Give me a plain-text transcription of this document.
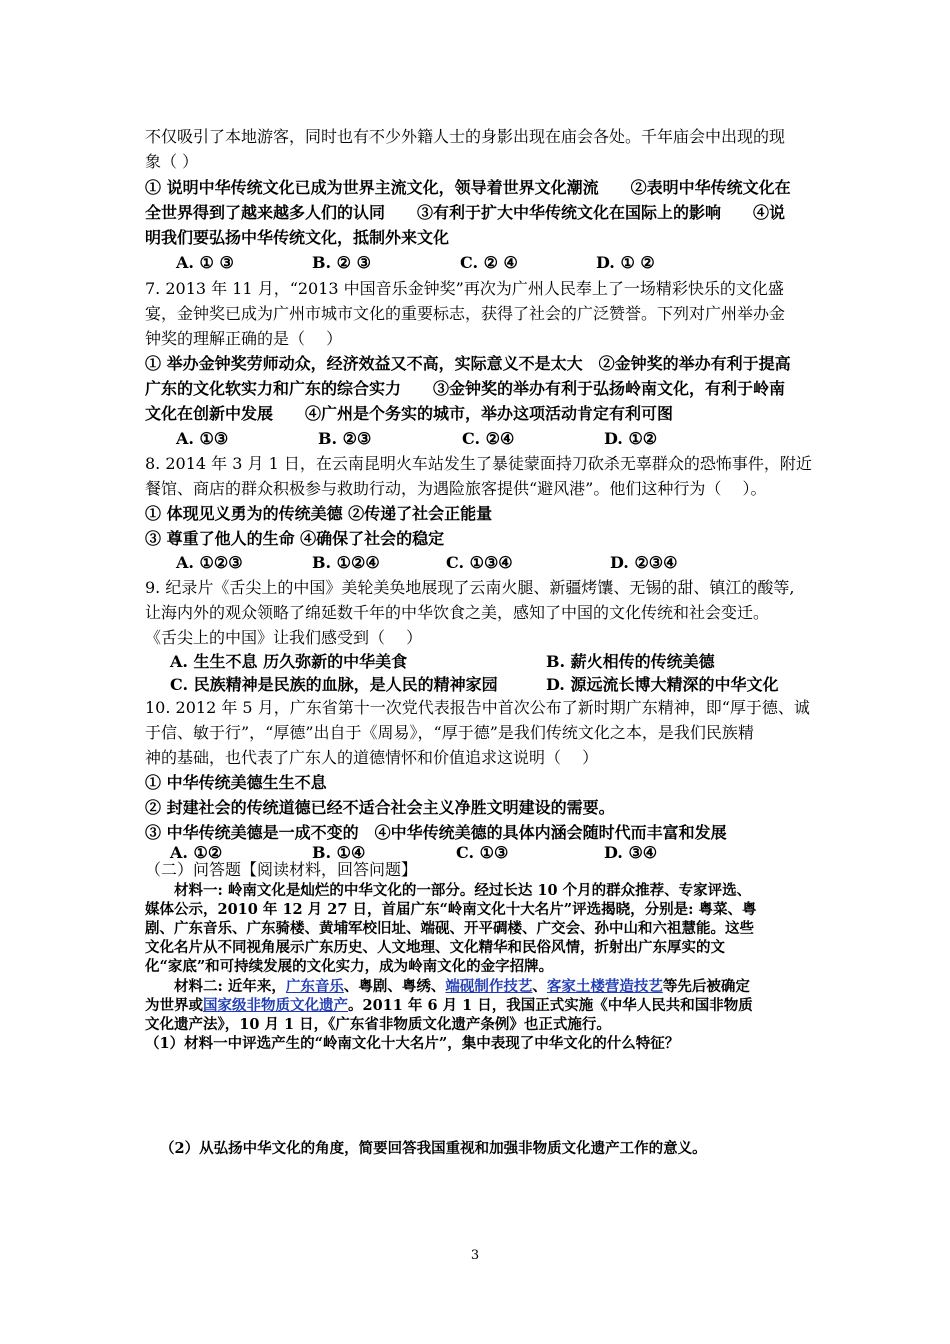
不仅吸引了本地游客，同时也有不少外籍人士的身影出现在庙会各处。千年庙会中出现的现
象（ ）
① 说明中华传统文化已成为世界主流文化，领导着世界文化潮流　　②表明中华传统文化在
全世界得到了越来越多人们的认同　　③有利于扩大中华传统文化在国际上的影响　　④说
明我们要弘扬中华传统文化，抵制外来文化
A. ① ③	B. ② ③	C. ② ④	D. ① ②
7. 2013 年 11 月，“2013 中国音乐金钟奖”再次为广州人民奉上了一场精彩快乐的文化盛
宴，金钟奖已成为广州市城市文化的重要标志，获得了社会的广泛赞誉。下列对广州举办金
钟奖的理解正确的是（　 ）
① 举办金钟奖劳师动众，经济效益又不高，实际意义不是太大　②金钟奖的举办有利于提高
广东的文化软实力和广东的综合实力　　③金钟奖的举办有利于弘扬岭南文化，有利于岭南
文化在创新中发展　　④广州是个务实的城市，举办这项活动肯定有利可图
A. ①③	B. ②③	C. ②④	D. ①②
8. 2014 年 3 月 1 日，在云南昆明火车站发生了暴徒蒙面持刀砍杀无辜群众的恐怖事件，附近
餐馆、商店的群众积极参与救助行动，为遇险旅客提供“避风港”。他们这种行为（　 ）。
① 体现见义勇为的传统美德 ②传递了社会正能量
③ 尊重了他人的生命 ④确保了社会的稳定
A. ①②③	B. ①②④	C. ①③④	D. ②③④
9. 纪录片《舌尖上的中国》美轮美奂地展现了云南火腿、新疆烤馕、无锡的甜、镇江的酸等,
让海内外的观众领略了绵延数千年的中华饮食之美，感知了中国的文化传统和社会变迁。
《舌尖上的中国》让我们感受到（　 ）
A. 生生不息 历久弥新的中华美食	B. 薪火相传的传统美德
C. 民族精神是民族的血脉，是人民的精神家园	D. 源远流长博大精深的中华文化
10. 2012 年 5 月，广东省第十一次党代表报告中首次公布了新时期广东精神，即“厚于德、诚
于信、敏于行”，“厚德”出自于《周易》，“厚于德”是我们传统文化之本，是我们民族精
神的基础，也代表了广东人的道德情怀和价值追求这说明（　 ）
① 中华传统美德生生不息
② 封建社会的传统道德已经不适合社会主义净胜文明建设的需要。
③ 中华传统美德是一成不变的　④中华传统美德的具体内涵会随时代而丰富和发展
A. ①②	B. ①④	C. ①③	D. ③④
（二）问答题【阅读材料，回答问题】
　　材料一: 岭南文化是灿烂的中华文化的一部分。经过长达 10 个月的群众推荐、专家评选、
媒体公示，2010 年 12 月 27 日，首届广东“岭南文化十大名片”评选揭晓，分别是: 粤菜、粤
剧、广东音乐、广东骑楼、黄埔军校旧址、端砚、开平碉楼、广交会、孙中山和六祖慧能。这些
文化名片从不同视角展示广东历史、人文地理、文化精华和民俗风情，折射出广东厚实的文
化“家底”和可持续发展的文化实力，成为岭南文化的金字招牌。
　　材料二: 近年来，广东音乐、粤剧、粤绣、端砚制作技艺、客家土楼营造技艺等先后被确定
为世界或国家级非物质文化遗产。2011 年 6 月 1 日，我国正式实施《中华人民共和国非物质
文化遗产法》，10 月 1 日，《广东省非物质文化遗产条例》也正式施行。
（1）材料一中评选产生的“岭南文化十大名片”，集中表现了中华文化的什么特征？
（2）从弘扬中华文化的角度，简要回答我国重视和加强非物质文化遗产工作的意义。
3
